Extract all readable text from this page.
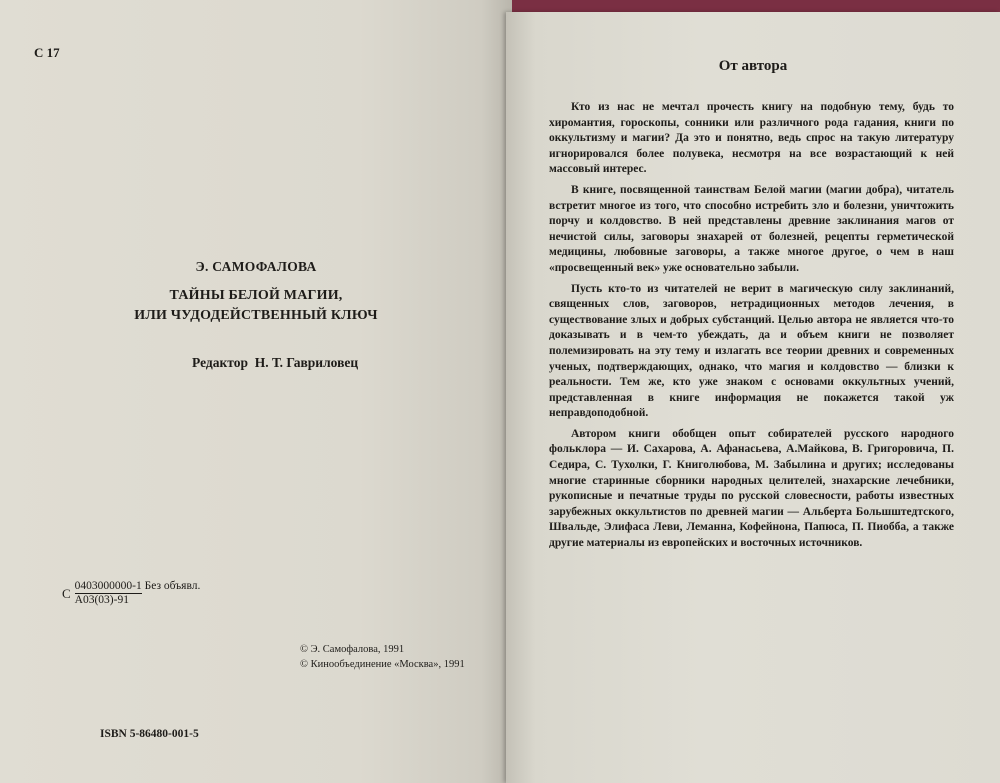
С 17
Э. САМОФАЛОВА
ТАЙНЫ БЕЛОЙ МАГИИ,
ИЛИ ЧУДОДЕЙСТВЕННЫЙ КЛЮЧ
Редактор Н. Т. Гавриловец
С 0403000000-1 Без объявл.
А03(03)-91
© Э. Самофалова, 1991
© Кинообъединение «Москва», 1991
ISBN 5-86480-001-5
От автора

Кто из нас не мечтал прочесть книгу на подобную тему, будь то хиромантия, гороскопы, сонники или различного рода гадания, книги по оккультизму и магии? Да это и понятно, ведь спрос на такую литературу игнорировался более полувека, несмотря на все возрастающий к ней массовый интерес.

В книге, посвященной таинствам Белой магии (магии добра), читатель встретит многое из того, что способно истребить зло и болезни, уничтожить порчу и колдовство. В ней представлены древние заклинания магов от нечистой силы, заговоры знахарей от болезней, рецепты герметической медицины, любовные заговоры, а также многое другое, о чем в наш «просвещенный век» уже основательно забыли.

Пусть кто-то из читателей не верит в магическую силу заклинаний, священных слов, заговоров, нетрадиционных методов лечения, в существование злых и добрых субстанций. Целью автора не является что-то доказывать и в чем-то убеждать, да и объем книги не позволяет полемизировать на эту тему и излагать все теории древних и современных ученых, подтверждающих, однако, что магия и колдовство — близки к реальности. Тем же, кто уже знаком с основами оккультных учений, представленная в книге информация не покажется такой уж неправдоподобной.

Автором книги обобщен опыт собирателей русского народного фольклора — И. Сахарова, А. Афанасьева, А.Майкова, В. Григоровича, П. Седира, С. Тухолки, Г. Книголюбова, М. Забылина и других; исследованы многие старинные сборники народных целителей, знахарские лечебники, рукописные и печатные труды по русской словесности, работы известных зарубежных оккультистов по древней магии — Альберта Большштедтского, Швальде, Элифаса Леви, Леманна, Кофейнона, Папюса, П. Пиобба, а также другие материалы из европейских и восточных источников.
